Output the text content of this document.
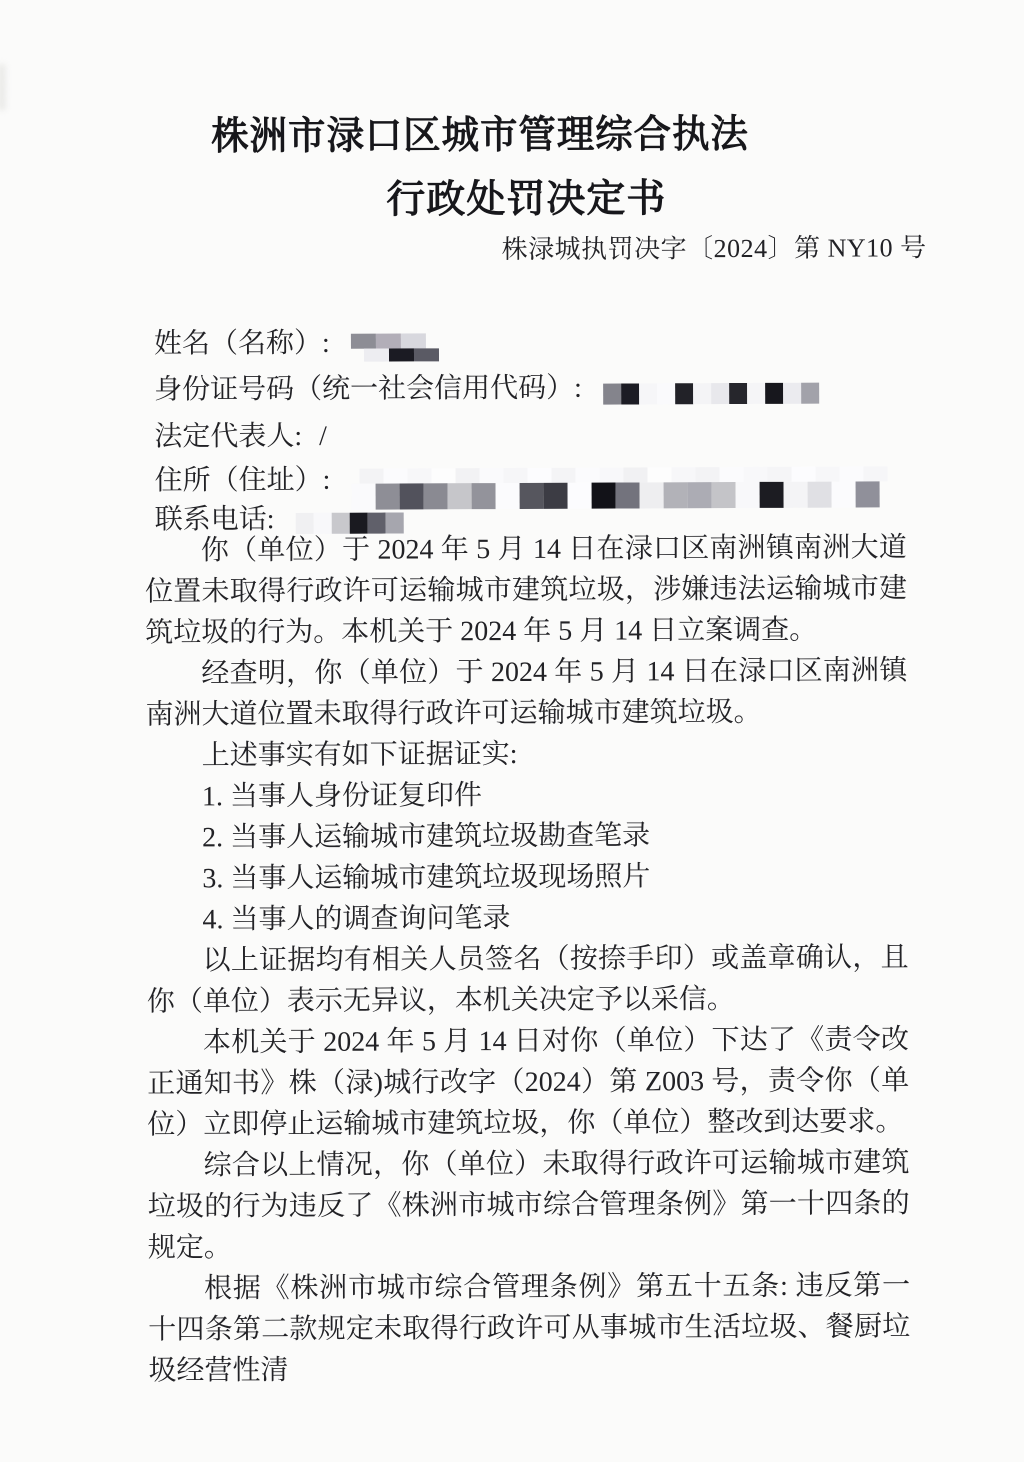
株洲市渌口区城市管理综合执法
行政处罚决定书
株渌城执罚决字〔2024〕第 NY10 号
姓名（名称）:
身份证号码（统一社会信用代码）:
法定代表人: /
住所（住址）:
联系电话:

你（单位）于 2024 年 5 月 14 日在渌口区南洲镇南洲大道位置未取得行政许可运输城市建筑垃圾，涉嫌违法运输城市建筑垃圾的行为。本机关于 2024 年 5 月 14 日立案调查。

经查明，你（单位）于 2024 年 5 月 14 日在渌口区南洲镇南洲大道位置未取得行政许可运输城市建筑垃圾。

上述事实有如下证据证实:

1. 当事人身份证复印件

2. 当事人运输城市建筑垃圾勘查笔录

3. 当事人运输城市建筑垃圾现场照片

4. 当事人的调查询问笔录

以上证据均有相关人员签名（按捺手印）或盖章确认，且你（单位）表示无异议，本机关决定予以采信。

本机关于 2024 年 5 月 14 日对你（单位）下达了《责令改正通知书》株（渌)城行改字（2024）第 Z003 号，责令你（单位）立即停止运输城市建筑垃圾，你（单位）整改到达要求。

综合以上情况，你（单位）未取得行政许可运输城市建筑垃圾的行为违反了《株洲市城市综合管理条例》第一十四条的规定。

根据《株洲市城市综合管理条例》第五十五条: 违反第一十四条第二款规定未取得行政许可从事城市生活垃圾、餐厨垃圾经营性清
